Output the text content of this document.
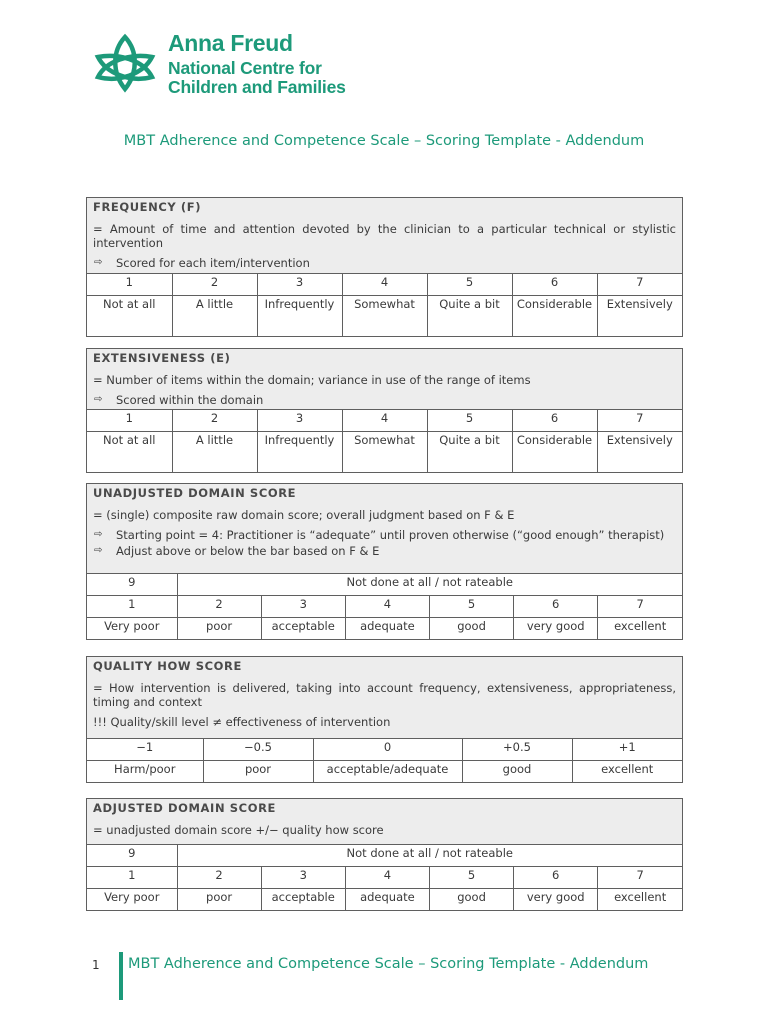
Anna Freud
National Centre for
Children and Families
MBT Adherence and Competence Scale – Scoring Template - Addendum
FREQUENCY (F)

= Amount of time and attention devoted by the clinician to a particular technical or stylistic intervention

⇨ Scored for each item/intervention
1	2	3	4	5	6	7
Not at all	A little	Infrequently	Somewhat	Quite a bit	Considerable	Extensively
EXTENSIVENESS (E)

= Number of items within the domain; variance in use of the range of items

⇨ Scored within the domain
1	2	3	4	5	6	7
Not at all	A little	Infrequently	Somewhat	Quite a bit	Considerable	Extensively
UNADJUSTED DOMAIN SCORE

= (single) composite raw domain score; overall judgment based on F & E

⇨ Starting point = 4: Practitioner is “adequate” until proven otherwise (“good enough” therapist)
⇨ Adjust above or below the bar based on F & E
9	Not done at all / not rateable
1	2	3	4	5	6	7
Very poor	poor	acceptable	adequate	good	very good	excellent
QUALITY HOW SCORE

= How intervention is delivered, taking into account frequency, extensiveness, appropriateness, timing and context

!!! Quality/skill level ≠ effectiveness of intervention

−1	−0.5	0	+0.5	+1
Harm/poor	poor	acceptable/adequate	good	excellent
ADJUSTED DOMAIN SCORE

= unadjusted domain score +/− quality how score

9	Not done at all / not rateable
1	2	3	4	5	6	7
Very poor	poor	acceptable	adequate	good	very good	excellent
1 MBT Adherence and Competence Scale – Scoring Template - Addendum
